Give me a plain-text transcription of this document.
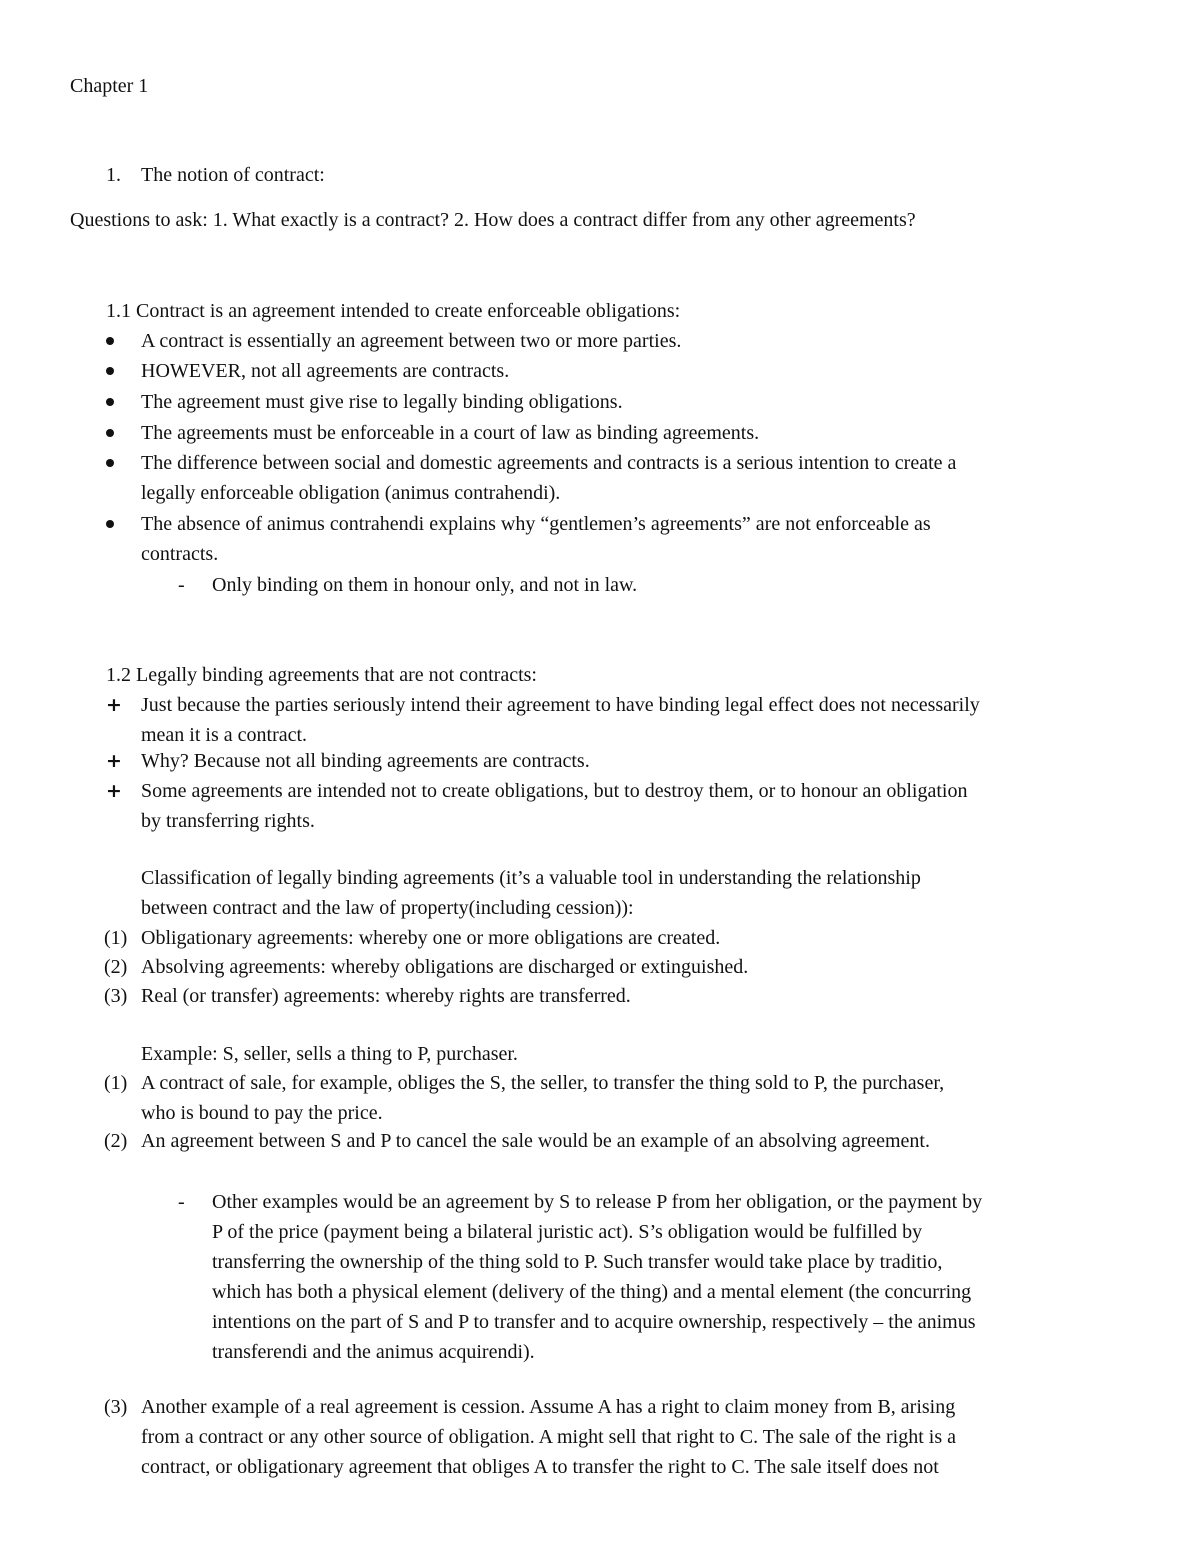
Chapter 1
1. The notion of contract:
Questions to ask: 1. What exactly is a contract? 2. How does a contract differ from any other agreements?
1.1 Contract is an agreement intended to create enforceable obligations:
A contract is essentially an agreement between two or more parties.
HOWEVER, not all agreements are contracts.
The agreement must give rise to legally binding obligations.
The agreements must be enforceable in a court of law as binding agreements.
The difference between social and domestic agreements and contracts is a serious intention to create a
legally enforceable obligation (animus contrahendi).
The absence of animus contrahendi explains why “gentlemen’s agreements” are not enforceable as
contracts.
- Only binding on them in honour only, and not in law.
1.2 Legally binding agreements that are not contracts:
+ Just because the parties seriously intend their agreement to have binding legal effect does not necessarily
mean it is a contract.
+ Why? Because not all binding agreements are contracts.
+ Some agreements are intended not to create obligations, but to destroy them, or to honour an obligation
by transferring rights.
Classification of legally binding agreements (it’s a valuable tool in understanding the relationship
between contract and the law of property(including cession)):
(1) Obligationary agreements: whereby one or more obligations are created.
(2) Absolving agreements: whereby obligations are discharged or extinguished.
(3) Real (or transfer) agreements: whereby rights are transferred.
Example: S, seller, sells a thing to P, purchaser.
(1) A contract of sale, for example, obliges the S, the seller, to transfer the thing sold to P, the purchaser,
who is bound to pay the price.
(2) An agreement between S and P to cancel the sale would be an example of an absolving agreement.
- Other examples would be an agreement by S to release P from her obligation, or the payment by
P of the price (payment being a bilateral juristic act). S’s obligation would be fulfilled by
transferring the ownership of the thing sold to P. Such transfer would take place by traditio,
which has both a physical element (delivery of the thing) and a mental element (the concurring
intentions on the part of S and P to transfer and to acquire ownership, respectively – the animus
transferendi and the animus acquirendi).
(3) Another example of a real agreement is cession. Assume A has a right to claim money from B, arising
from a contract or any other source of obligation. A might sell that right to C. The sale of the right is a
contract, or obligationary agreement that obliges A to transfer the right to C. The sale itself does not
